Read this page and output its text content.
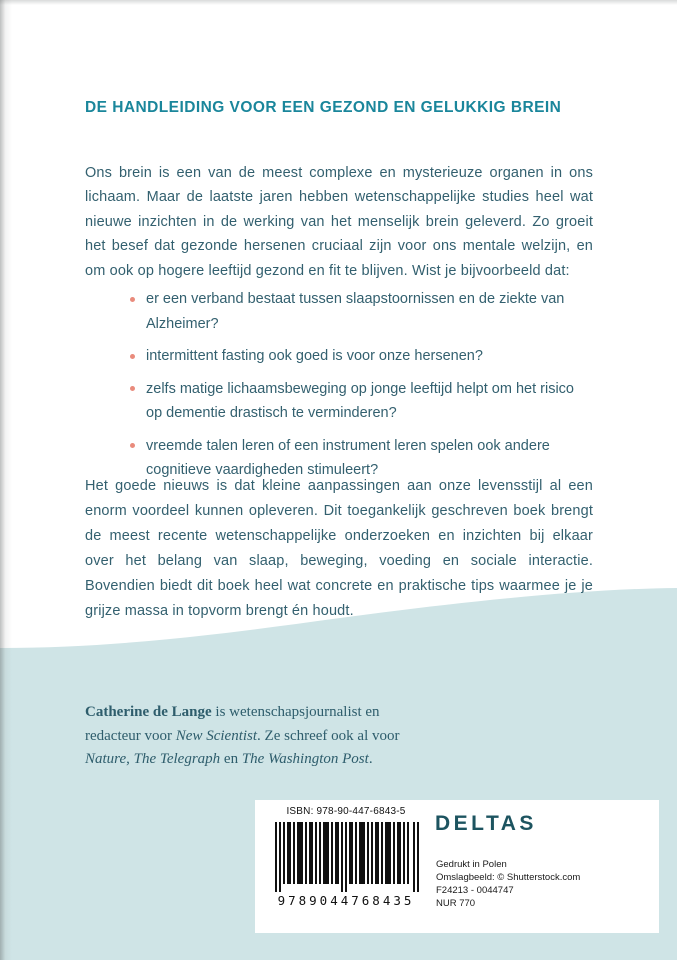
DE HANDLEIDING VOOR EEN GEZOND EN GELUKKIG BREIN

Ons brein is een van de meest complexe en mysterieuze organen in ons lichaam. Maar de laatste jaren hebben wetenschappelijke studies heel wat nieuwe inzichten in de werking van het menselijk brein geleverd. Zo groeit het besef dat gezonde hersenen cruciaal zijn voor ons mentale welzijn, en om ook op hogere leeftijd gezond en fit te blijven. Wist je bijvoorbeeld dat:

er een verband bestaat tussen slaapstoornissen en de ziekte van Alzheimer?
intermittent fasting ook goed is voor onze hersenen?
zelfs matige lichaamsbeweging op jonge leeftijd helpt om het risico op dementie drastisch te verminderen?
vreemde talen leren of een instrument leren spelen ook andere cognitieve vaardigheden stimuleert?

Het goede nieuws is dat kleine aanpassingen aan onze levensstijl al een enorm voordeel kunnen opleveren. Dit toegankelijk geschreven boek brengt de meest recente wetenschappelijke onderzoeken en inzichten bij elkaar over het belang van slaap, beweging, voeding en sociale interactie. Bovendien biedt dit boek heel wat concrete en praktische tips waarmee je je grijze massa in topvorm brengt én houdt.

Catherine de Lange is wetenschapsjournalist en redacteur voor New Scientist. Ze schreef ook al voor Nature, The Telegraph en The Washington Post.

ISBN: 978-90-447-6843-5
9789044768435
DELTAS
Gedrukt in Polen
Omslagbeeld: © Shutterstock.com
F24213 - 0044747
NUR 770
